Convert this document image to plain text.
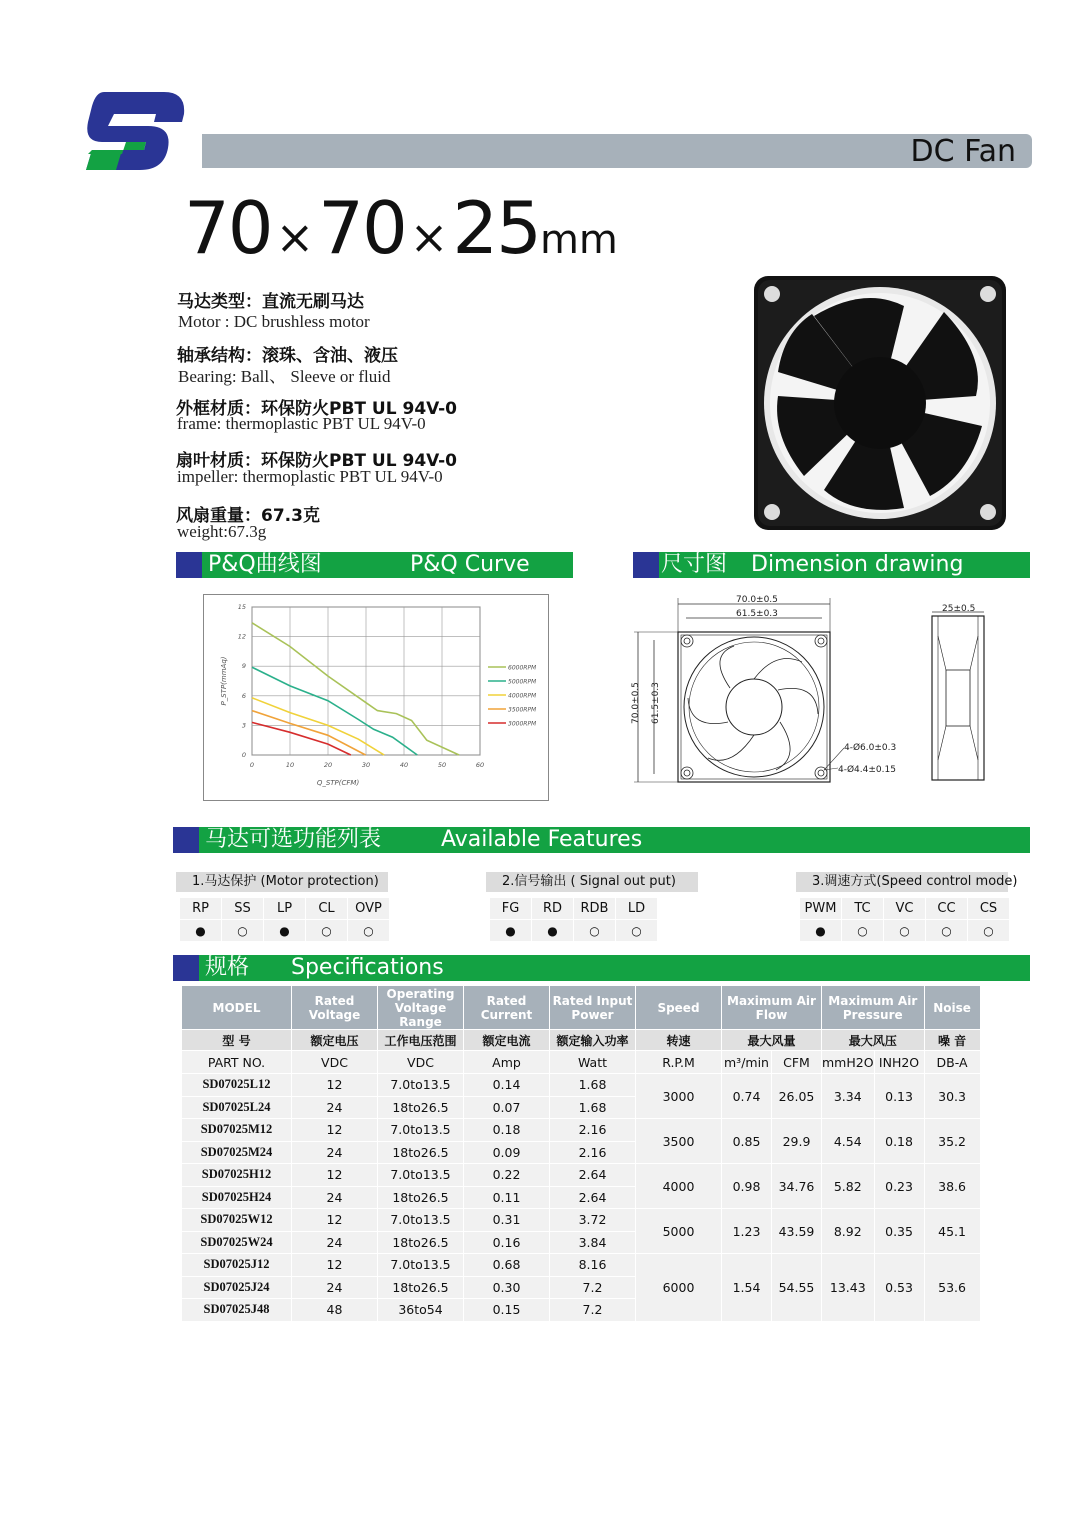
DC Fan
70×70×25mm
马达类型：直流无刷马达
Motor : DC brushless motor
轴承结构：滚珠、含油、液压
Bearing: Ball、 Sleeve or fluid
外框材质：环保防火PBT UL 94V-0
frame: thermoplastic PBT UL 94V-0
扇叶材质：环保防火PBT UL 94V-0
impeller: thermoplastic PBT UL 94V-0
风扇重量：67.3克
weight:67.3g
P&Q曲线图	P&Q Curve	尺寸图 Dimension drawing
0	10	20	30	40	50	60
0
3
6
9
12
15
Q_STP(CFM)
P_STP(mmAq)	6000RPM
5000RPM
4000RPM
3500RPM
3000RPM
70.0±0.5
61.5±0.3
70.0±0.5 61.5±0.3
4-Ø6.0±0.3
4-Ø4.4±0.15
25±0.5
马达可选功能列表	Available Features
1.马达保护 (Motor protection)
RP	SS	LP	CL	OVP
●	○	●	○	○
2.信号输出 ( Signal out put)
FG	RD	RDB	LD
●	●	○	○
3.调速方式(Speed control mode)
PWM	TC	VC	CC	CS
●	○	○	○	○
规格 Specifications
MODEL	Rated Voltage	Operating Voltage Range	Rated Current	Rated Input Power	Speed	Maximum Air Flow		Maximum Air Pressure		Noise
型 号	额定电压	工作电压范围	额定电流	额定输入功率	转速	最大风量		最大风压		噪 音
PART NO.	VDC	VDC	Amp	Watt	R.P.M	m³/min	CFM	mmH2O	INH2O	DB-A
SD07025L12	12	7.0to13.5	0.14	1.68	3000	0.74	26.05	3.34	0.13	30.3
SD07025L24	24	18to26.5	0.07	1.68						
SD07025M12	12	7.0to13.5	0.18	2.16	3500	0.85	29.9	4.54	0.18	35.2
SD07025M24	24	18to26.5	0.09	2.16						
SD07025H12	12	7.0to13.5	0.22	2.64	4000	0.98	34.76	5.82	0.23	38.6
SD07025H24	24	18to26.5	0.11	2.64						
SD07025W12	12	7.0to13.5	0.31	3.72	5000	1.23	43.59	8.92	0.35	45.1
SD07025W24	24	18to26.5	0.16	3.84						
SD07025J12	12	7.0to13.5	0.68	8.16	6000	1.54	54.55	13.43	0.53	53.6
SD07025J24	24	18to26.5	0.30	7.2						
SD07025J48	48	36to54	0.15	7.2						
